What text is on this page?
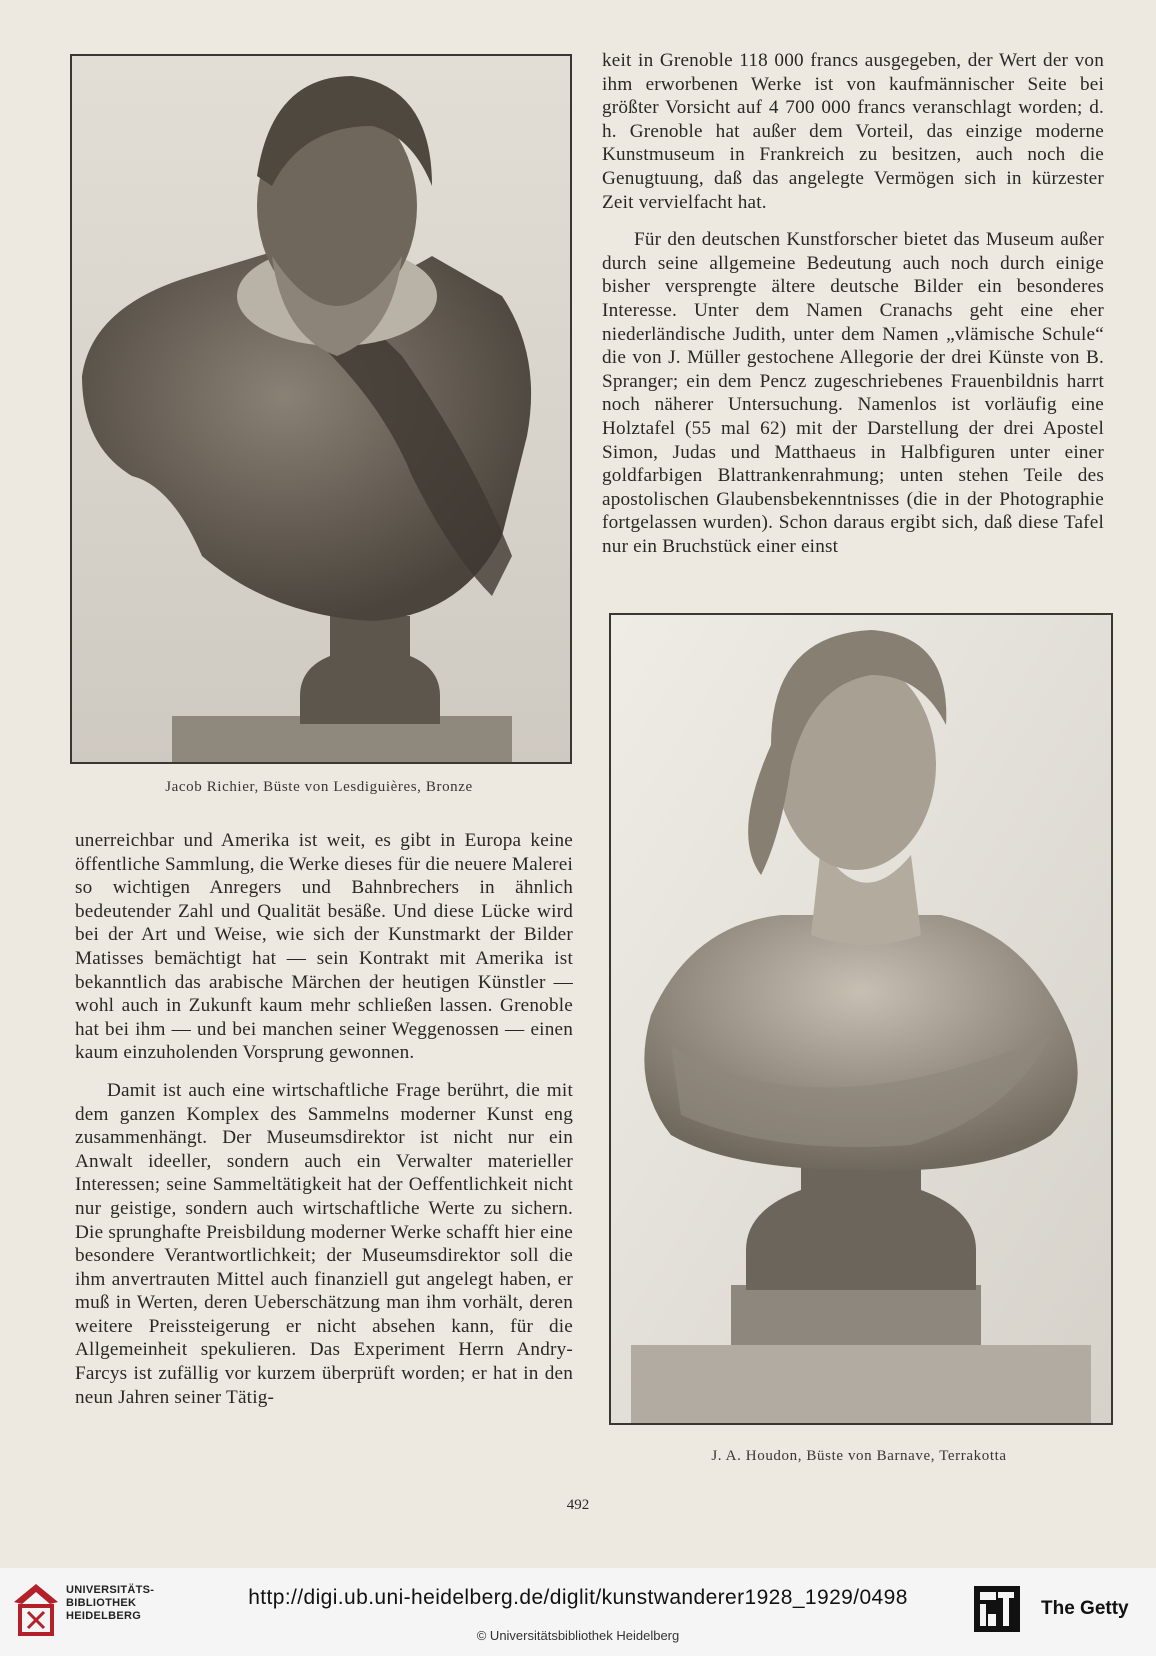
Jacob Richier, Büste von Lesdiguières, Bronze

keit in Grenoble 118 000 francs ausgegeben, der Wert der von ihm erworbenen Werke ist von kaufmännischer Seite bei größter Vorsicht auf 4 700 000 francs veranschlagt worden; d. h. Grenoble hat außer dem Vorteil, das einzige moderne Kunstmuseum in Frankreich zu besitzen, auch noch die Genugtuung, daß das angelegte Vermögen sich in kürzester Zeit vervielfacht hat.

Für den deutschen Kunstforscher bietet das Museum außer durch seine allgemeine Bedeutung auch noch durch einige bisher versprengte ältere deutsche Bilder ein besonderes Interesse. Unter dem Namen Cranachs geht eine eher niederländische Judith, unter dem Namen „vlämische Schule“ die von J. Müller gestochene Allegorie der drei Künste von B. Spranger; ein dem Pencz zugeschriebenes Frauenbildnis harrt noch näherer Untersuchung. Namenlos ist vorläufig eine Holztafel (55 mal 62) mit der Darstellung der drei Apostel Simon, Judas und Matthaeus in Halbfiguren unter einer goldfarbigen Blattrankenrahmung; unten stehen Teile des apostolischen Glaubensbekenntnisses (die in der Photographie fortgelassen wurden). Schon daraus ergibt sich, daß diese Tafel nur ein Bruchstück einer einst

unerreichbar und Amerika ist weit, es gibt in Europa keine öffentliche Sammlung, die Werke dieses für die neuere Malerei so wichtigen Anregers und Bahnbrechers in ähnlich bedeutender Zahl und Qualität besäße. Und diese Lücke wird bei der Art und Weise, wie sich der Kunstmarkt der Bilder Matisses bemächtigt hat — sein Kontrakt mit Amerika ist bekanntlich das arabische Märchen der heutigen Künstler — wohl auch in Zukunft kaum mehr schließen lassen. Grenoble hat bei ihm — und bei manchen seiner Weggenossen — einen kaum einzuholenden Vorsprung gewonnen.

Damit ist auch eine wirtschaftliche Frage berührt, die mit dem ganzen Komplex des Sammelns moderner Kunst eng zusammenhängt. Der Museumsdirektor ist nicht nur ein Anwalt ideeller, sondern auch ein Verwalter materieller Interessen; seine Sammeltätigkeit hat der Oeffentlichkeit nicht nur geistige, sondern auch wirtschaftliche Werte zu sichern. Die sprunghafte Preisbildung moderner Werke schafft hier eine besondere Verantwortlichkeit; der Museumsdirektor soll die ihm anvertrauten Mittel auch finanziell gut angelegt haben, er muß in Werten, deren Ueberschätzung man ihm vorhält, deren weitere Preissteigerung er nicht absehen kann, für die Allgemeinheit spekulieren. Das Experiment Herrn Andry-Farcys ist zufällig vor kurzem überprüft worden; er hat in den neun Jahren seiner Tätig-

J. A. Houdon, Büste von Barnave, Terrakotta
492
UNIVERSITÄTS-
BIBLIOTHEK
HEIDELBERG
http://digi.ub.uni-heidelberg.de/diglit/kunstwanderer1928_1929/0498
© Universitätsbibliothek Heidelberg
The Getty
